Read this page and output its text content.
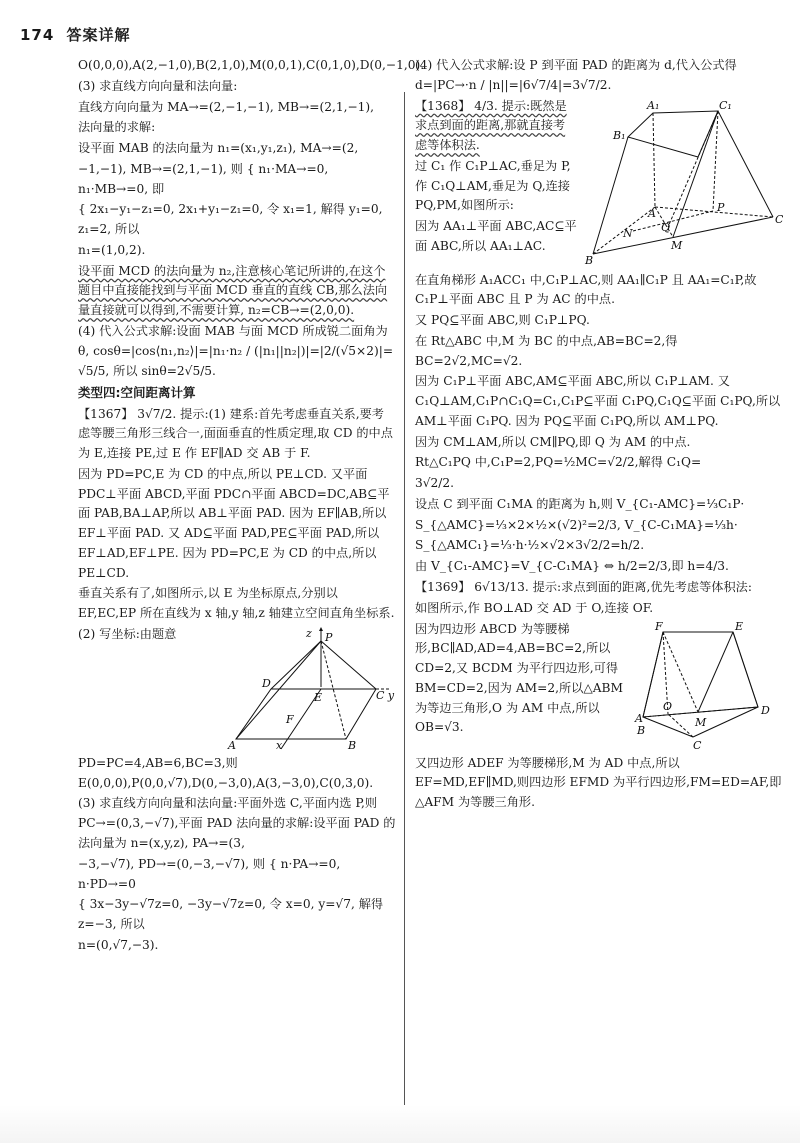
174 答案详解

O(0,0,0),A(2,−1,0),B(2,1,0),M(0,0,1),C(0,1,0),D(0,−1,0).

(3) 求直线方向向量和法向量:

直线方向向量为 MA→=(2,−1,−1), MB→=(2,1,−1),

法向量的求解:

设平面 MAB 的法向量为 n₁=(x₁,y₁,z₁), MA→=(2,

−1,−1), MB→=(2,1,−1), 则 { n₁·MA→=0, n₁·MB→=0, 即

{ 2x₁−y₁−z₁=0, 2x₁+y₁−z₁=0, 令 x₁=1, 解得 y₁=0, z₁=2, 所以

n₁=(1,0,2).

设平面 MCD 的法向量为 n₂,注意核心笔记所讲的,在这个题目中直接能找到与平面 MCD 垂直的直线 CB,那么法向量直接就可以得到,不需要计算, n₂=CB→=(2,0,0).

(4) 代入公式求解:设面 MAB 与面 MCD 所成锐二面角为 θ, cosθ=|cos⟨n₁,n₂⟩|=|n₁·n₂ / (|n₁||n₂|)|=|2/(√5×2)|=

√5/5, 所以 sinθ=2√5/5.

类型四:空间距离计算

【1367】 3√7/2. 提示:(1) 建系:首先考虑垂直关系,要考虑等腰三角形三线合一,面面垂直的性质定理,取 CD 的中点为 E,连接 PE,过 E 作 EF∥AD 交 AB 于 F.

因为 PD=PC,E 为 CD 的中点,所以 PE⊥CD. 又平面 PDC⊥平面 ABCD,平面 PDC∩平面 ABCD=DC,AB⊆平面 PAB,BA⊥AP,所以 AB⊥平面 PAD. 因为 EF∥AB,所以 EF⊥平面 PAD. 又 AD⊆平面 PAD,PE⊆平面 PAD,所以 EF⊥AD,EF⊥PE. 因为 PD=PC,E 为 CD 的中点,所以 PE⊥CD.

垂直关系有了,如图所示,以 E 为坐标原点,分别以 EF,EC,EP 所在直线为 x 轴,y 轴,z 轴建立空间直角坐标系.

z P
D
E	C y
F
A	B
x

(2) 写坐标:由题意 PD=PC=4,AB=6,BC=3,则 E(0,0,0),P(0,0,√7),D(0,−3,0),A(3,−3,0),C(0,3,0).

(3) 求直线方向向量和法向量:平面外选 C,平面内选 P,则 PC→=(0,3,−√7),平面 PAD 法向量的求解:设平面 PAD 的法向量为 n=(x,y,z), PA→=(3,

−3,−√7), PD→=(0,−3,−√7), 则 { n·PA→=0, n·PD→=0

{ 3x−3y−√7z=0, −3y−√7z=0, 令 x=0, y=√7, 解得 z=−3, 所以

n=(0,√7,−3).

(4) 代入公式求解:设 P 到平面 PAD 的距离为 d,代入公式得 d=|PC→·n / |n||=|6√7/4|=3√7/2.

A₁	C₁
B₁
A	P
Q
N
M
C
B

【1368】 4/3. 提示:既然是求点到面的距离,那就直接考虑等体积法.

过 C₁ 作 C₁P⊥AC,垂足为 P,作 C₁Q⊥AM,垂足为 Q,连接 PQ,PM,如图所示:

因为 AA₁⊥平面 ABC,AC⊆平面 ABC,所以 AA₁⊥AC.

在直角梯形 A₁ACC₁ 中,C₁P⊥AC,则 AA₁∥C₁P 且 AA₁=C₁P,故 C₁P⊥平面 ABC 且 P 为 AC 的中点.

又 PQ⊆平面 ABC,则 C₁P⊥PQ.

在 Rt△ABC 中,M 为 BC 的中点,AB=BC=2,得 BC=2√2,MC=√2.

因为 C₁P⊥平面 ABC,AM⊆平面 ABC,所以 C₁P⊥AM. 又 C₁Q⊥AM,C₁P∩C₁Q=C₁,C₁P⊆平面 C₁PQ,C₁Q⊆平面 C₁PQ,所以 AM⊥平面 C₁PQ. 因为 PQ⊆平面 C₁PQ,所以 AM⊥PQ.

因为 CM⊥AM,所以 CM∥PQ,即 Q 为 AM 的中点.

Rt△C₁PQ 中,C₁P=2,PQ=½MC=√2/2,解得 C₁Q=

3√2/2.

设点 C 到平面 C₁MA 的距离为 h,则 V_{C₁-AMC}=⅓C₁P·

S_{△AMC}=⅓×2×½×(√2)²=2/3, V_{C-C₁MA}=⅓h·

S_{△AMC₁}=⅓·h·½×√2×3√2/2=h/2.

由 V_{C₁-AMC}=V_{C-C₁MA} ⇔ h/2=2/3,即 h=4/3.

【1369】 6√13/13. 提示:求点到面的距离,优先考虑等体积法:

如图所示,作 BO⊥AD 交 AD 于 O,连接 OF.

F	E
A
O
M
D
B
C

因为四边形 ABCD 为等腰梯形,BC∥AD,AD=4,AB=BC=2,所以 CD=2,又 BCDM 为平行四边形,可得 BM=CD=2,因为 AM=2,所以△ABM 为等边三角形,O 为 AM 中点,所以 OB=√3.

又四边形 ADEF 为等腰梯形,M 为 AD 中点,所以 EF=MD,EF∥MD,则四边形 EFMD 为平行四边形,FM=ED=AF,即△AFM 为等腰三角形.
